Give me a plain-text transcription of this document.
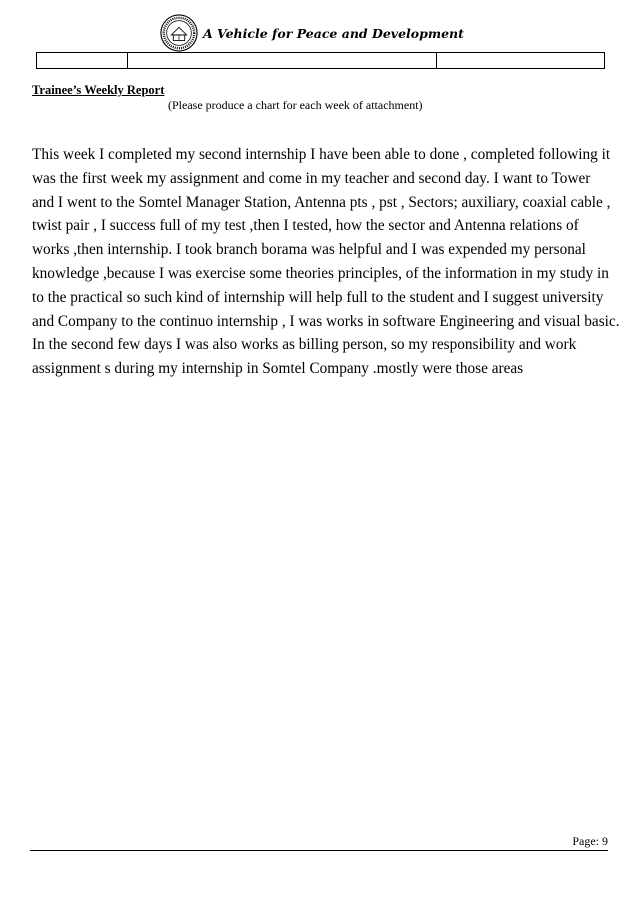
A Vehicle for Peace and Development

Trainee’s Weekly Report
(Please produce a chart for each week of attachment)
This week I completed my second internship I have been able to done , completed following it
was the first week my assignment and come in my teacher and second day. I want to Tower
and I went to the Somtel Manager Station, Antenna pts , pst , Sectors; auxiliary, coaxial cable ,
twist pair , I success full of my test ,then I tested, how the sector and Antenna relations of
works ,then internship. I took branch borama was helpful and I was expended my personal
knowledge ,because I was exercise some theories principles, of the information in my study in
to the practical so such kind of internship will help full to the student and I suggest university
and Company to the continuo internship , I was works in software Engineering and visual basic.
In the second few days I was also works as billing person, so my responsibility and work
assignment s during my internship in Somtel Company .mostly were those areas
Page: 9
